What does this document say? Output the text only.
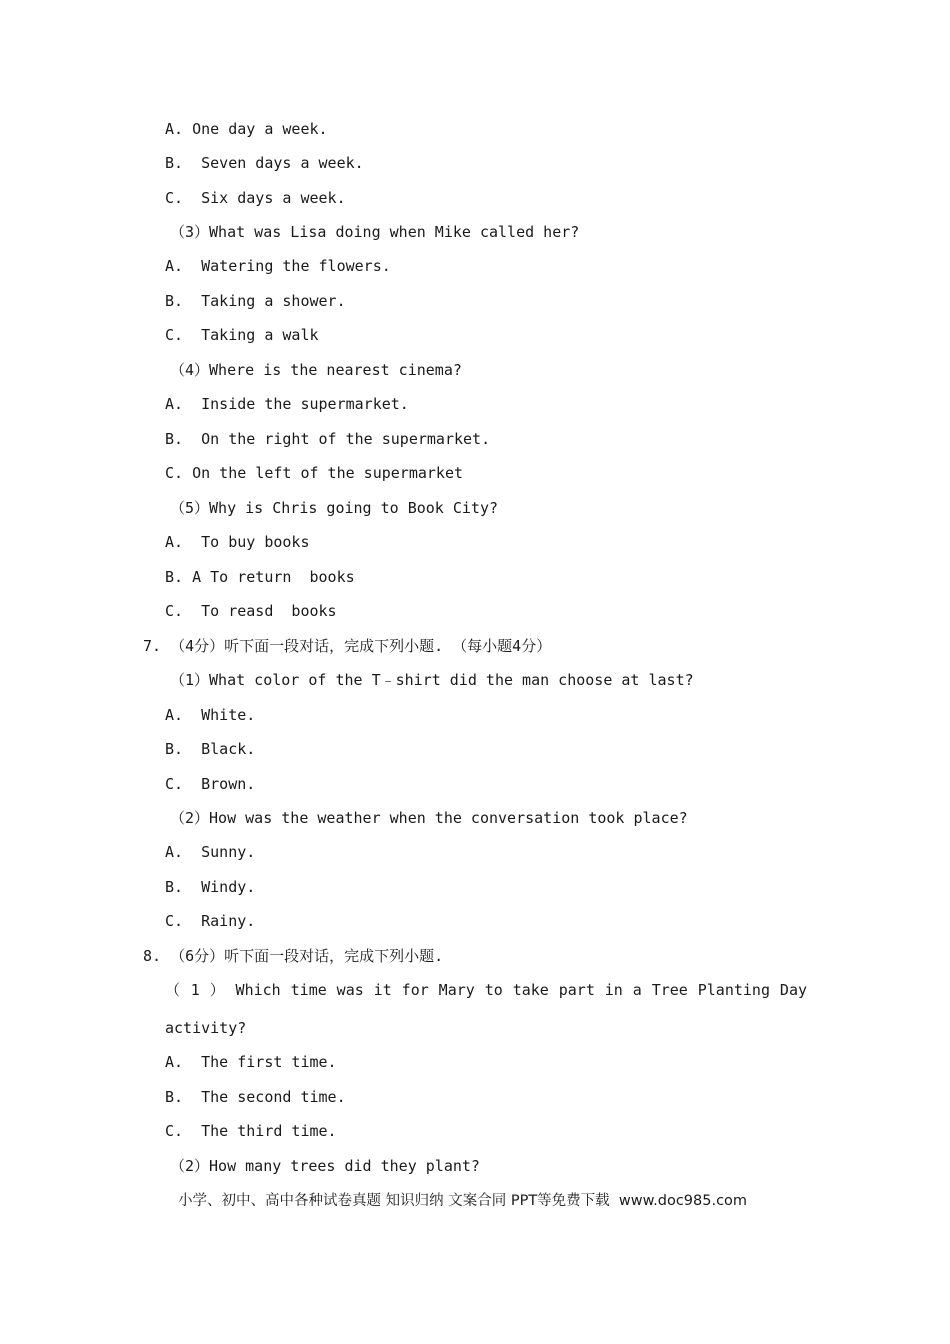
A. One day a week.
B.  Seven days a week.
C.  Six days a week.
（3）What was Lisa doing when Mike called her?
A.  Watering the flowers.
B.  Taking a shower.
C.  Taking a walk
（4）Where is the nearest cinema?
A.  Inside the supermarket.
B.  On the right of the supermarket.
C. On the left of the supermarket
（5）Why is Chris going to Book City?
A.  To buy books
B. A To return  books
C.  To reasd  books
7. （4分）听下面一段对话，完成下列小题. （每小题4分）
（1）What color of the T﹣shirt did the man choose at last?
A.  White.
B.  Black.
C.  Brown.
（2）How was the weather when the conversation took place?
A.  Sunny.
B.  Windy.
C.  Rainy.
8. （6分）听下面一段对话，完成下列小题.
（ 1 ） Which time was it for Mary to take part in a Tree Planting Day
activity?
A.  The first time.
B.  The second time.
C.  The third time.
（2）How many trees did they plant?
小学、初中、高中各种试卷真题 知识归纳 文案合同 PPT等免费下载  www.doc985.com
